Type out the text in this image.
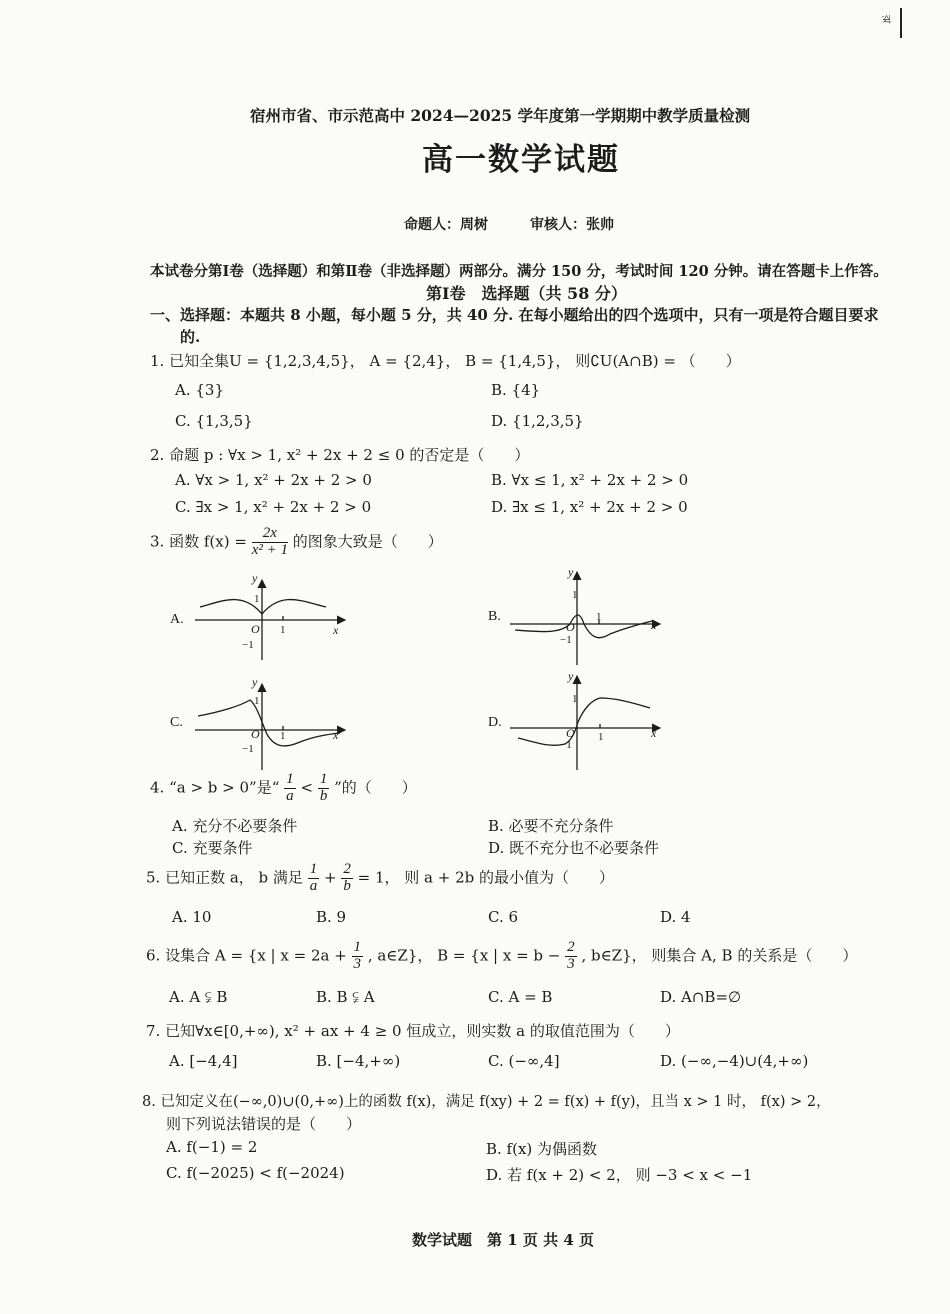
ঝ়
宿州市省、市示范高中 2024—2025 学年度第一学期期中教学质量检测
高一数学试题
命题人：周树　　　审核人：张帅
本试卷分第Ⅰ卷（选择题）和第Ⅱ卷（非选择题）两部分。满分 150 分，考试时间 120 分钟。请在答题卡上作答。
第Ⅰ卷　选择题（共 58 分）
一、选择题：本题共 8 小题，每小题 5 分，共 40 分. 在每小题给出的四个选项中，只有一项是符合题目要求
的.
1. 已知全集U = {1,2,3,4,5}， A = {2,4}， B = {1,4,5}， 则∁U(A∩B) = （　　）
A. {3}	B. {4}
C. {1,3,5}	D. {1,2,3,5}
2. 命题 p : ∀x > 1, x² + 2x + 2 ≤ 0 的否定是（　　）
A. ∀x > 1, x² + 2x + 2 > 0	B. ∀x ≤ 1, x² + 2x + 2 > 0
C. ∃x > 1, x² + 2x + 2 > 0	D. ∃x ≤ 1, x² + 2x + 2 > 0
3. 函数 $f(x) = \frac{2x}{\text{x² + 1}}$ 的图象大致是（　　）
A.
y
x
O 1
1
−1
B.
y
x
O
1
1
−1
C.
y
x
O 1
1
−1
D.
y
x
O 1
1
−1
4. “a > b > 0”是“ $\frac{1}{a} < \frac{1}{b}$ ”的（　　）
A. 充分不必要条件	B. 必要不充分条件
C. 充要条件	D. 既不充分也不必要条件
5. 已知正数 a， b 满足 $\frac{1}{a} + \frac{2}{b} = 1$， 则 a + 2b 的最小值为（　　）
A. 10	B. 9	C. 6	D. 4
6. 设集合 A = {x | $x = 2a + \frac{1}{3}$ , a∈Z}， B = {x | $x = b - \frac{2}{3}$ , b∈Z}， 则集合 A, B 的关系是（　　）
A. A ⫋ B	B. B ⫋ A	C. A = B	D. A∩B=∅
7. 已知∀x∈[0,+∞), x² + ax + 4 ≥ 0 恒成立，则实数 a 的取值范围为（　　）
A. [−4,4]	B. [−4,+∞)	C. (−∞,4]	D. (−∞,−4)∪(4,+∞)
8. 已知定义在(−∞,0)∪(0,+∞)上的函数 f(x)，满足 f(xy) + 2 = f(x) + f(y)，且当 x > 1 时， f(x) > 2，
则下列说法错误的是（　　）
A. f(−1) = 2	B. f(x) 为偶函数
C. f(−2025) < f(−2024)	D. 若 f(x + 2) < 2， 则 −3 < x < −1
数学试题　第 1 页 共 4 页
